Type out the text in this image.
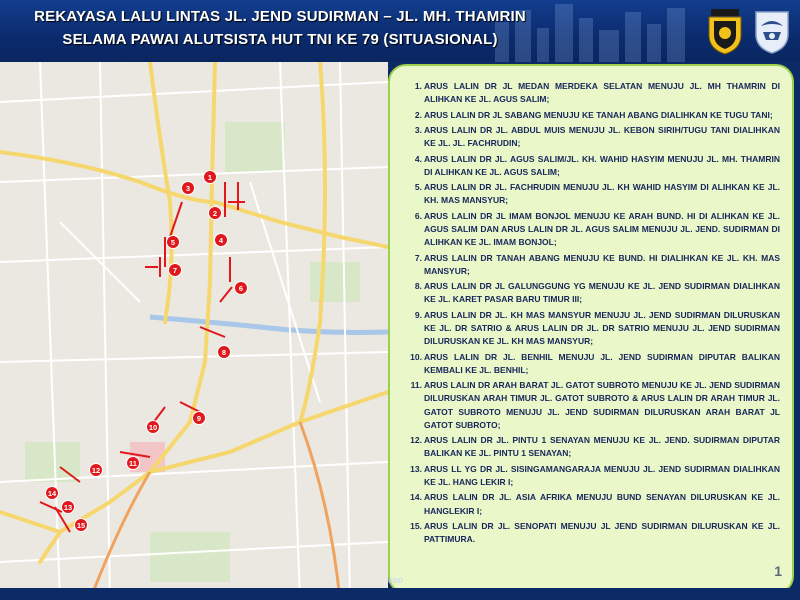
REKAYASA LALU LINTAS JL. JEND SUDIRMAN – JL. MH. THAMRIN
SELAMA PAWAI ALUTSISTA HUT TNI KE 79 (SITUASIONAL)
1
2
3
4
5
6
7
8
9
10
11
12
13
14
15
1. ARUS LALIN DR JL MEDAN MERDEKA SELATAN MENUJU JL. MH THAMRIN DI ALIHKAN KE JL. AGUS SALIM;
2. ARUS LALIN DR JL SABANG MENUJU KE TANAH ABANG DIALIHKAN KE TUGU TANI;
3. ARUS LALIN DR JL. ABDUL MUIS MENUJU JL. KEBON SIRIH/TUGU TANI DIALIHKAN KE JL. JL. FACHRUDIN;
4. ARUS LALIN DR JL. AGUS SALIM/JL. KH. WAHID HASYIM MENUJU JL. MH. THAMRIN DI ALIHKAN KE JL. AGUS SALIM;
5. ARUS LALIN DR JL. FACHRUDIN MENUJU JL. KH WAHID HASYIM DI ALIHKAN KE JL. KH. MAS MANSYUR;
6. ARUS LALIN DR JL IMAM BONJOL MENUJU KE ARAH BUND. HI DI ALIHKAN KE JL. AGUS SALIM DAN ARUS LALIN DR JL. AGUS SALIM MENUJU JL. JEND. SUDIRMAN DI ALIHKAN KE JL. IMAM BONJOL;
7. ARUS LALIN DR TANAH ABANG MENUJU KE BUND. HI DIALIHKAN KE JL. KH. MAS MANSYUR;
8. ARUS LALIN DR JL GALUNGGUNG YG MENUJU KE JL. JEND SUDIRMAN DIALIHKAN KE JL. KARET PASAR BARU TIMUR III;
9. ARUS LALIN DR JL. KH MAS MANSYUR MENUJU JL. JEND SUDIRMAN DILURUSKAN KE JL. DR SATRIO & ARUS LALIN DR JL. DR SATRIO MENUJU JL. JEND SUDIRMAN DILURUSKAN KE JL. KH MAS MANSYUR;
10. ARUS LALIN DR JL. BENHIL MENUJU JL. JEND SUDIRMAN DIPUTAR BALIKAN KEMBALI KE JL. BENHIL;
11. ARUS LALIN DR ARAH BARAT JL. GATOT SUBROTO MENUJU KE JL. JEND SUDIRMAN DILURUSKAN ARAH TIMUR JL. GATOT SUBROTO & ARUS LALIN DR ARAH TIMUR JL. GATOT SUBROTO MENUJU JL. JEND SUDIRMAN DILURUSKAN ARAH BARAT JL GATOT SUBROTO;
12. ARUS LALIN DR JL. PINTU 1 SENAYAN MENUJU KE JL. JEND. SUDIRMAN DIPUTAR BALIKAN KE JL. PINTU 1 SENAYAN;
13. ARUS LL YG DR JL. SISINGAMANGARAJA MENUJU JL. JEND SUDIRMAN DIALIHKAN KE JL. HANG LEKIR I;
14. ARUS LALIN DR JL. ASIA AFRIKA MENUJU BUND SENAYAN DILURUSKAN KE JL. HANGLEKIR I;
15. ARUS LALIN DR JL. SENOPATI MENUJU JL JEND SUDIRMAN DILURUSKAN KE JL. PATTIMURA.
epo
1
